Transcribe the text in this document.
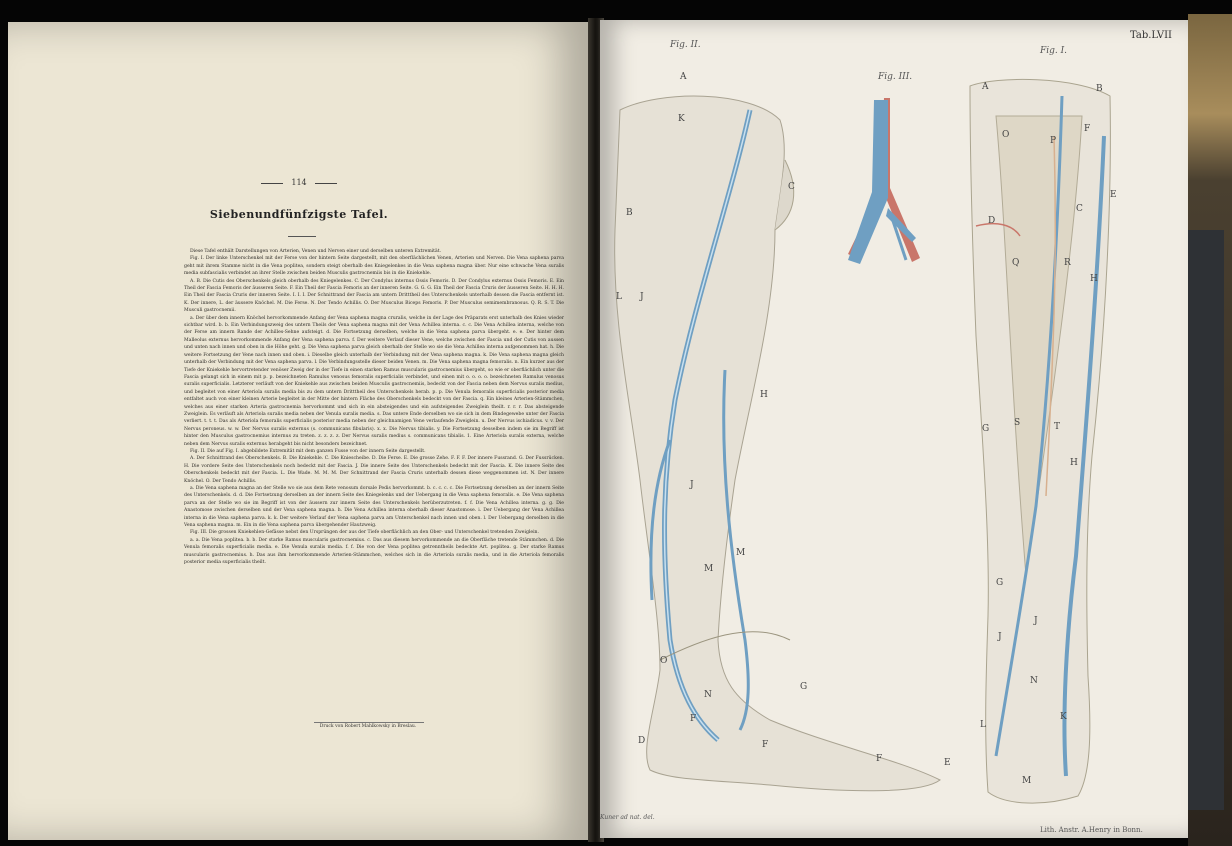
114
Siebenundfünfzigste Tafel.

Diese Tafel enthält Darstellungen von Arterien, Venen und Nerven einer und derselben unteren Extremität.

Fig. I. Der linke Unterschenkel mit der Ferse von der hintern Seite dargestellt, mit den oberflächlichen Venen, Arterien und Nerven. Die Vena saphena parva geht mit ihrem Stamme nicht in die Vena poplitea, sondern steigt oberhalb des Kniegelenkes in die Vena saphena magna über. Nur eine schwache Vena suralis media subfascialis verbindet an ihrer Stelle zwischen beiden Musculis gastrocnemiis bis in die Kniekehle.

A. B. Die Cutis des Oberschenkels gleich oberhalb des Kniegelenkes. C. Der Condylus internus Ossis Femoris. D. Der Condylus externus Ossis Femoris. E. Ein Theil der Fascia Femoris der äusseren Seite. F. Ein Theil der Fascia Femoris an der inneren Seite. G. G. G. Ein Theil der Fascia Cruris der äusseren Seite. H. H. H. Ein Theil der Fascia Cruris der inneren Seite. I. I. I. Der Schnittrand der Fascia am untern Dritttheil des Unterschenkels unterhalb dessen die Fascia entfernt ist. K. Der innere, L. der äussere Knöchel. M. Die Ferse. N. Der Tendo Achillis. O. Der Musculus Biceps Femoris. P. Der Musculus semimembranosus. Q. R. S. T. Die Musculi gastrocnemii.

a. Der über dem innern Knöchel hervorkommende Anfang der Vena saphena magna cruralis, welche in der Lage des Präparats erst unterhalb des Knies wieder sichtbar wird. b. b. Ein Verbindungszweig des untern Theils der Vena saphena magna mit der Vena Achillea interna. c. c. Die Vena Achillea interna, welche von der Ferse am innern Rande der Achilles-Sehne aufsteigt. d. Die Fortsetzung derselben, welche in die Vena saphena parva übergeht. e. e. Der hinter dem Malleolus externus hervorkommende Anfang der Vena saphena parva. f. Der weitere Verlauf dieser Vene, welche zwischen der Fascia und der Cutis von aussen und unten nach innen und oben in die Höhe geht. g. Die Vena saphena parva gleich oberhalb der Stelle wo sie die Vena Achillea interna aufgenommen hat. h. Die weitere Fortsetzung der Vene nach innen und oben. i. Dieselbe gleich unterhalb der Verbindung mit der Vena saphena magna. k. Die Vena saphena magna gleich unterhalb der Verbindung mit der Vena saphena parva. l. Die Verbindungsstelle dieser beiden Venen. m. Die Vena saphena magna femoralis. n. Ein kurzer aus der Tiefe der Kniekehle hervortretender venöser Zweig der in der Tiefe in einen starken Ramus muscularis gastrocnemius übergeht, so wie er oberflächlich unter die Fascia gelangt sich in einem mit p. p. bezeichneten Ramulus venosus femoralis superficialis verbindet, und einen mit o. o. o. o. bezeichneten Ramulus venosus suralis superficialis. Letzterer verläuft von der Kniekehle aus zwischen beiden Musculis gastrocnemiis, bedeckt von der Fascia neben dem Nervus suralis medius, und begleitet von einer Arteriola suralis media bis zu dem untern Dritttheil des Unterschenkels herab. p. p. Die Venula femoralis superficialis posterior media entfaltet auch von einer kleinen Arterie begleitet in der Mitte der hintern Fläche des Oberschenkels bedeckt von der Fascia. q. Ein kleines Arterien-Stämmchen, welches aus einer starken Arteria gastrocnemia hervorkommt und sich in ein absteigendes und ein aufsteigendes Zweiglein theilt. r. r. r. Das absteigende Zweiglein. Es verläuft als Arteriola suralis media neben der Venula suralis media. s. Das untere Ende derselben wo sie sich in dem Bindegewebe unter der Fascia verliert. t. t. t. Das als Arteriola femoralis superficialis posterior media neben der gleichnamigen Vene verlaufende Zweiglein. u. Der Nervus ischiadicus. v. v. Der Nervus peroneus. w. w. Der Nervus suralis externus (s. communicans fibularis). x. x. Die Nervus tibialis. y. Die Fortsetzung desselben indem sie im Begriff ist hinter den Musculus gastrocnemius internus zu treten. z. z. z. z. Der Nervus suralis medius s. communicans tibialis. 1. Eine Arteriola suralis externa, welche neben dem Nervus suralis externus herabgeht bis nicht besonders bezeichnet.

Fig. II. Die auf Fig. I. abgebildete Extremität mit dem ganzen Fusse von der innern Seite dargestellt.

A. Der Schnittrand des Oberschenkels. B. Die Kniekehle. C. Die Kniescheibe. D. Die Ferse. E. Die grosse Zehe. F. F. F. Der innere Fussrand. G. Der Fussrücken. H. Die vordere Seite des Unterschenkels noch bedeckt mit der Fascia. J. Die innere Seite des Unterschenkels bedeckt mit der Fascia. K. Die innere Seite des Oberschenkels bedeckt mit der Fascia. L. Die Wade. M. M. M. Der Schnittrand der Fascia Cruris unterhalb dessen diese weggenommen ist. N. Der innere Knöchel. O. Der Tendo Achillis.

a. Die Vena saphena magna an der Stelle wo sie aus dem Rete venosum dorsale Pedis hervorkommt. b. c. c. c. c. Die Fortsetzung derselben an der innern Seite des Unterschenkels. d. d. Die Fortsetzung derselben an der innern Seite des Kniegelenks und der Uebergang in die Vena saphena femoralis. e. Die Vena saphena parva an der Stelle wo sie im Begriff ist von der äussern zur innern Seite des Unterschenkels herüberzutreten. f. f. Die Vena Achillea interna. g. g. Die Anastomose zwischen derselben und der Vena saphena magna. h. Die Vena Achillea interna oberhalb dieser Anastomose. i. Der Uebergang der Vena Achillea interna in die Vena saphena parva. k. k. Der weitere Verlauf der Vena saphena parva am Unterschenkel nach innen und oben. l. Der Uebergang derselben in die Vena saphena magna. m. Ein in die Vena saphena parva übergehender Hautzweig.

Fig. III. Die grossen Kniekehlen-Gefässe nebst den Ursprüngen der aus der Tiefe oberflächlich an den Ober- und Unterschenkel tretenden Zweiglein.

a. a. Die Vena poplitea. b. b. Der starke Ramus muscularis gastrocnemius. c. Das aus diesem hervorkommende an die Oberfläche tretende Stämmchen. d. Die Venula femoralis superficialis media. e. Die Venula suralis media. f. f. Die von der Vena poplitea getrenntheils bedeckte Art. poplitea. g. Der starke Ramus muscularis gastrocnemius. h. Das aus ihm hervorkommende Arterien-Stämmchen, welches sich in die Arteriola suralis media, und in die Arteriola femoralis posterior media superficialis theilt.

Druck von Robert Mahlkowsky in Breslau.
Tab.LVII
Fig. II.
Fig. III.
Fig. I.
A
K
B
C
L J
H
J
M
M
O
N
G
F
F
D
F	E
A	B
O
P
F
C
D
Q	R
E
H
G
S	T
H
G
J
J
N
K
L
M
Kuner ad nat. del.
Lith. Anstr. A.Henry in Bonn.
